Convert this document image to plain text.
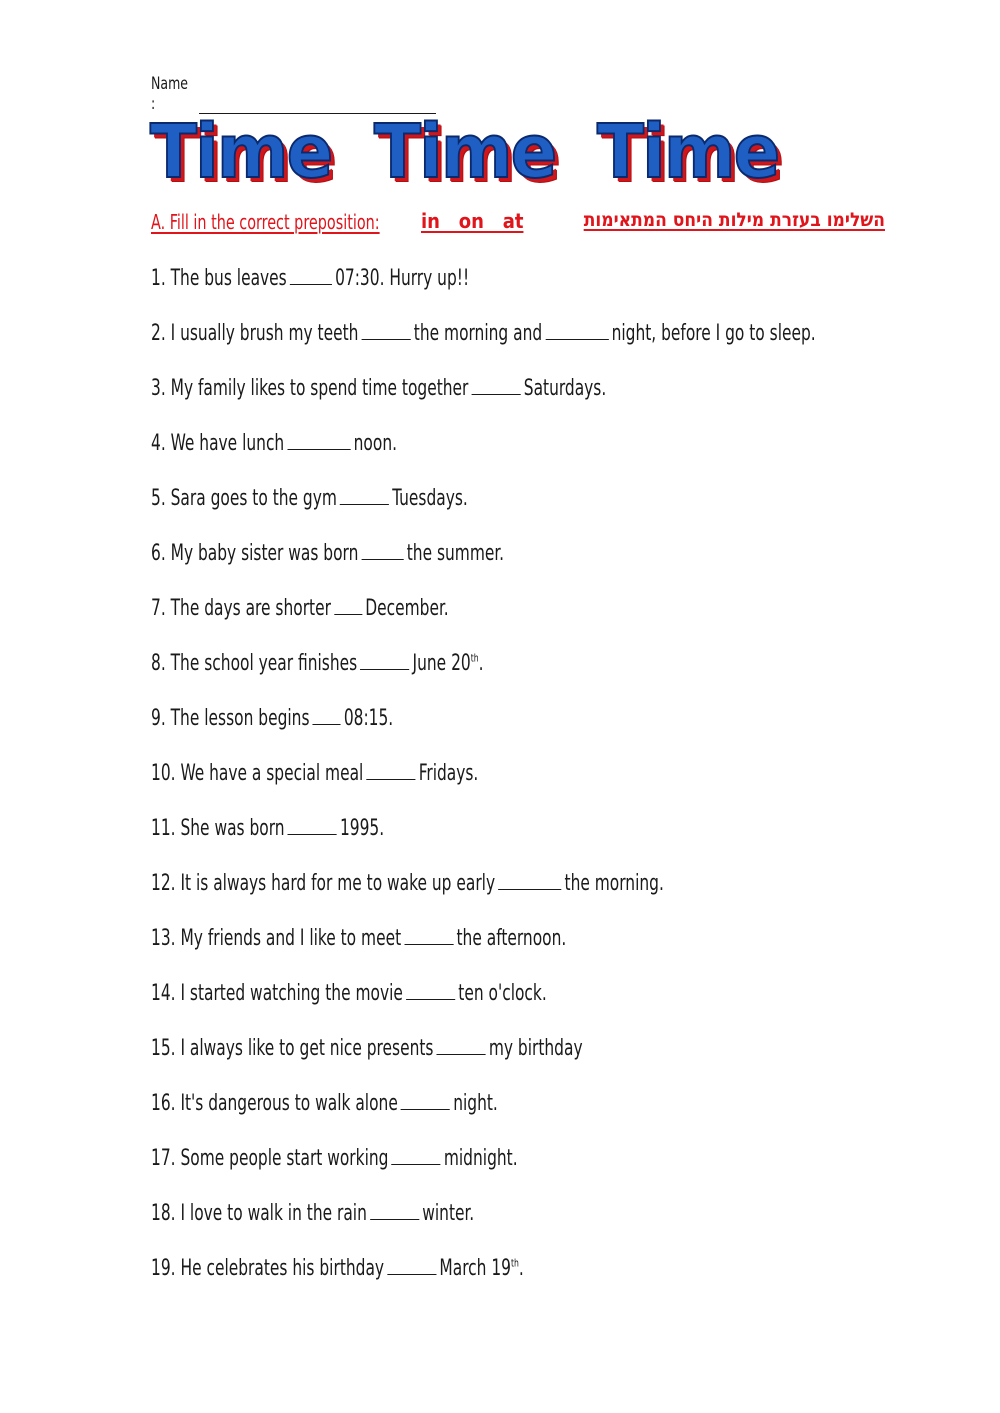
Name :
Time Time Time
A. Fill in the correct preposition: in   on   at	השלימו בעזרת מילות היחס המתאימות
1. The bus leaves 07:30. Hurry up!!
2. I usually brush my teeth	the morning and	night, before I go to sleep.
3. My family likes to spend time together	Saturdays.
4. We have lunch	noon.
5. Sara goes to the gym	Tuesdays.
6. My baby sister was born the summer.
7. The days are shorter December.
8. The school year finishes	June 20th.
9. The lesson begins 08:15.
10. We have a special meal	Fridays.
11. She was born	1995.
12. It is always hard for me to wake up early	the morning.
13. My friends and I like to meet	the afternoon.
14. I started watching the movie	ten o'clock.
15. I always like to get nice presents	my birthday
16. It's dangerous to walk alone	night.
17. Some people start working	midnight.
18. I love to walk in the rain	winter.
19. He celebrates his birthday	March 19th.
